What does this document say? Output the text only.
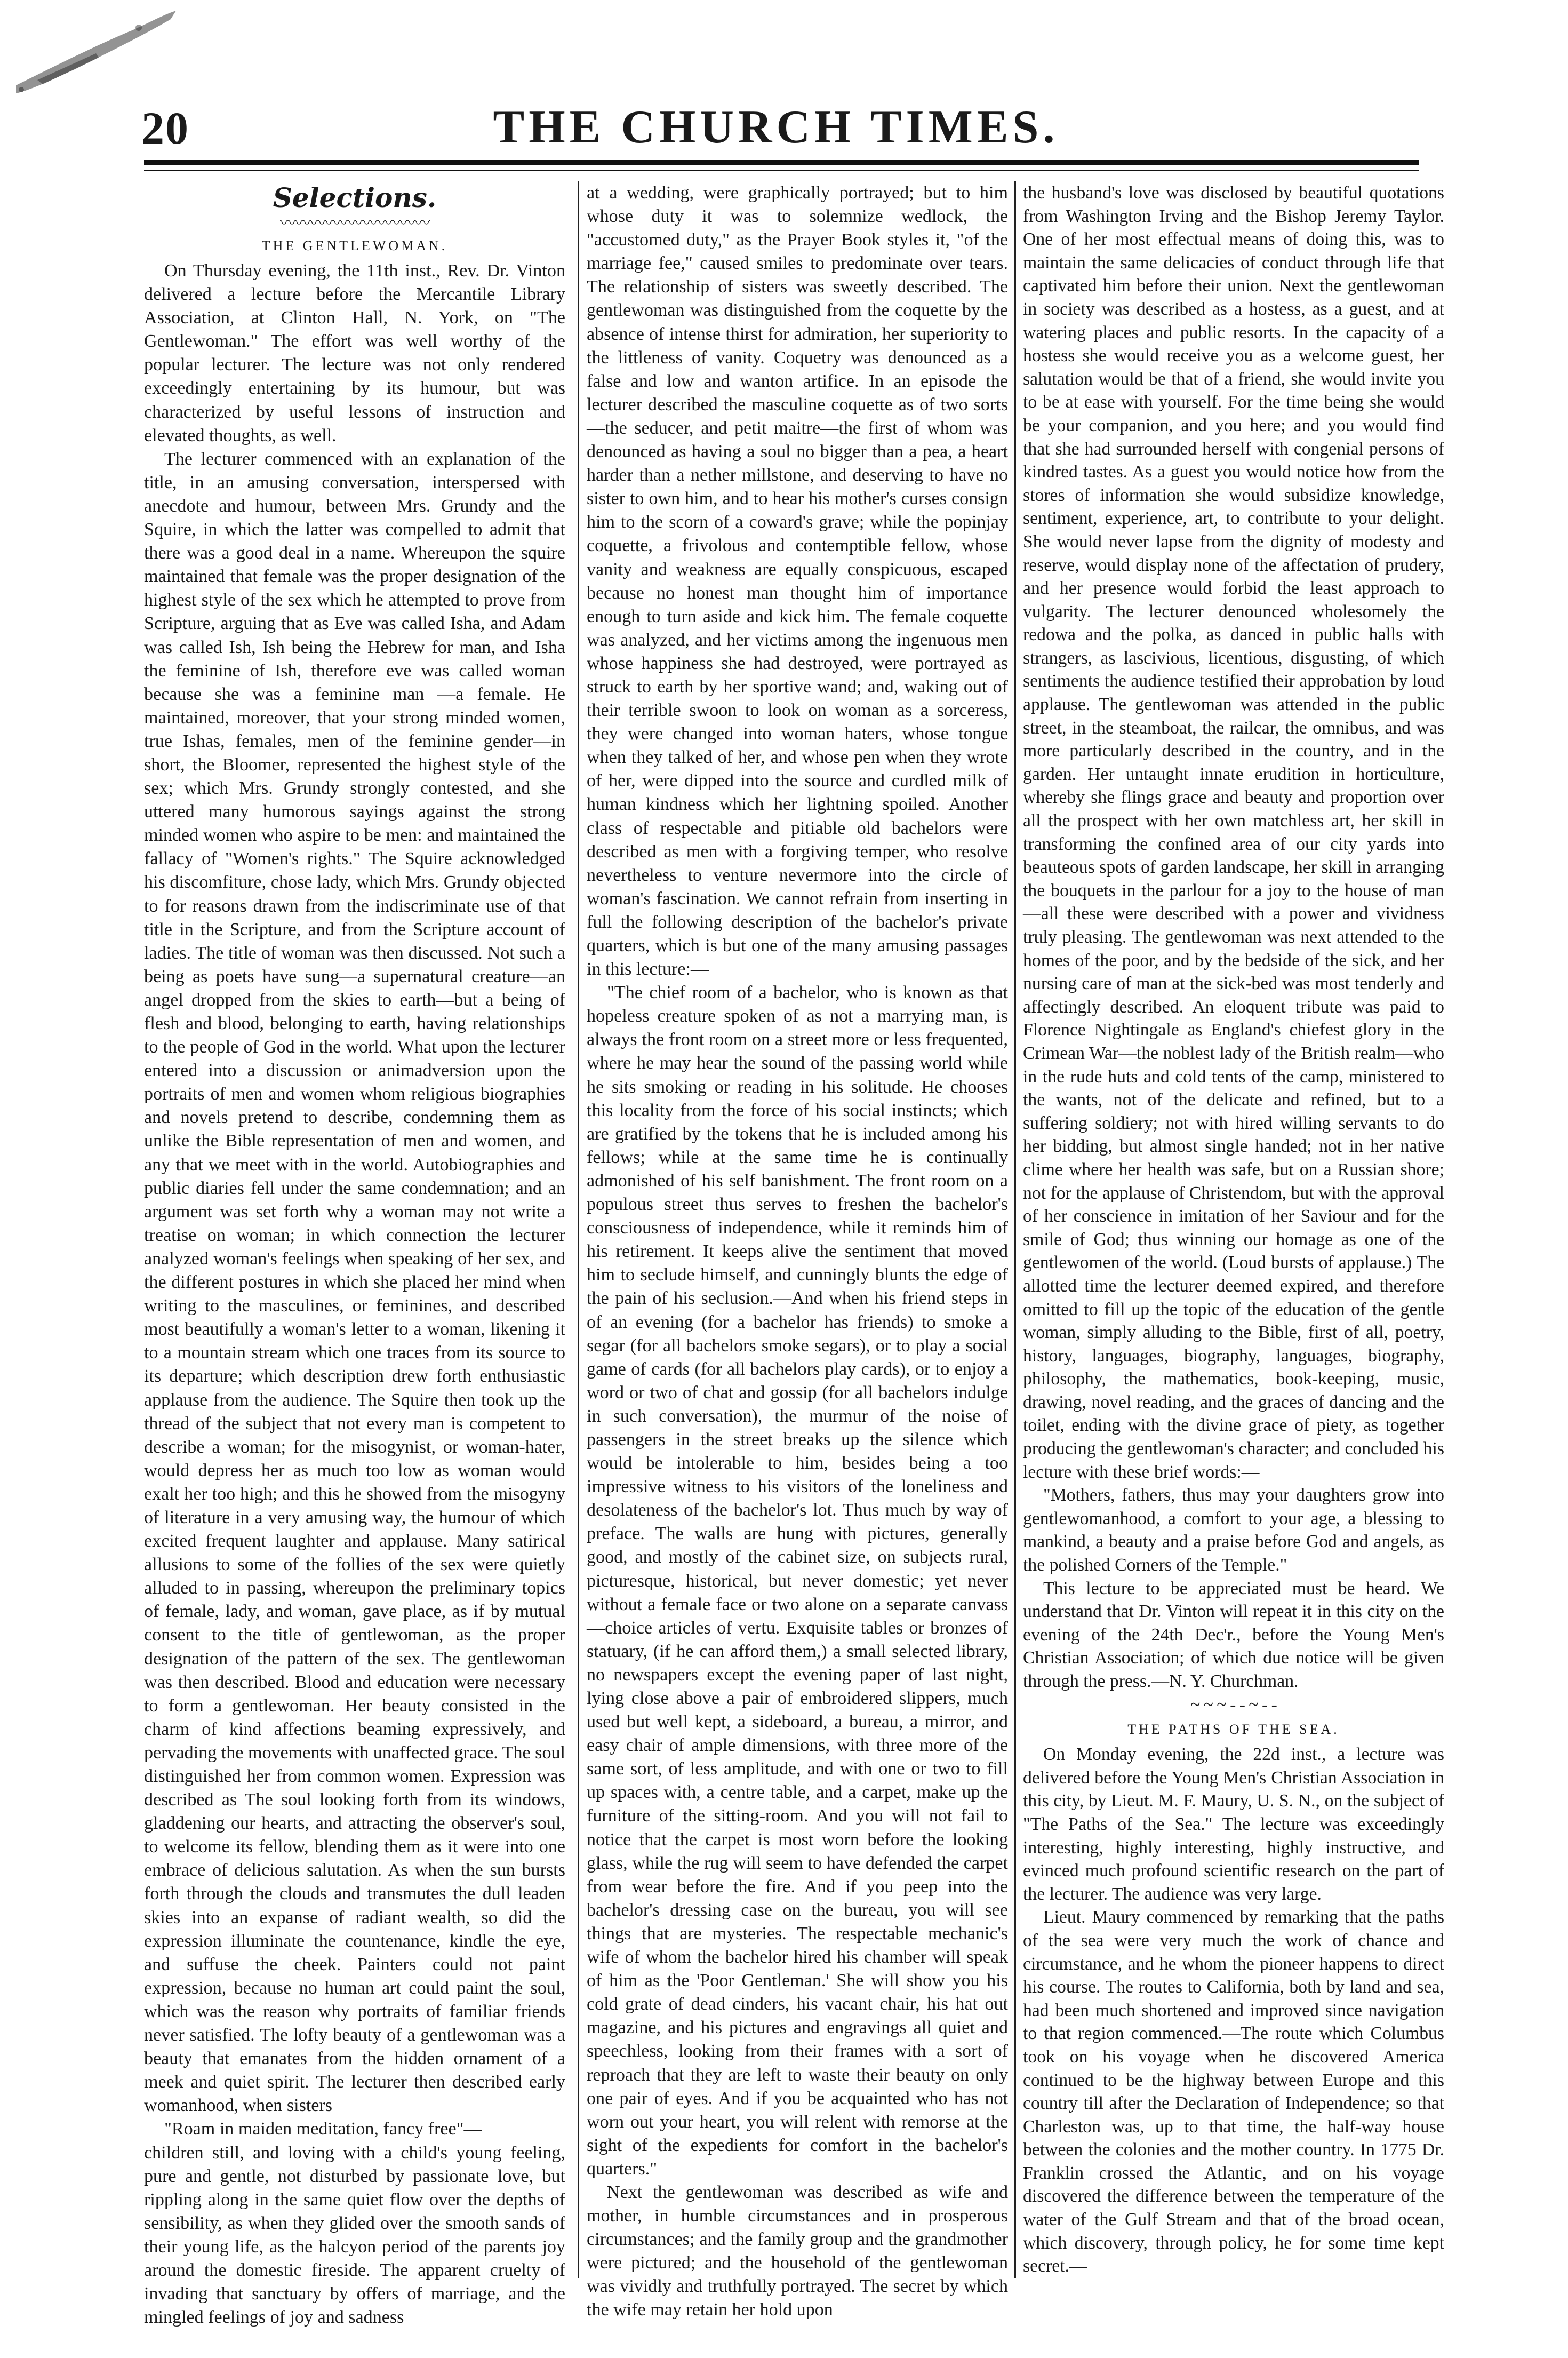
20	THE CHURCH TIMES.

Selections.

〰〰〰〰〰〰〰〰〰〰

THE GENTLEWOMAN.

On Thursday evening, the 11th inst., Rev. Dr. Vinton delivered a lecture before the Mercantile Library Association, at Clinton Hall, N. York, on "The Gentlewoman." The effort was well worthy of the popular lecturer. The lecture was not only rendered exceedingly entertaining by its humour, but was characterized by useful lessons of instruction and elevated thoughts, as well.

The lecturer commenced with an explanation of the title, in an amusing conversation, interspersed with anecdote and humour, between Mrs. Grundy and the Squire, in which the latter was compelled to admit that there was a good deal in a name. Whereupon the squire maintained that female was the proper designation of the highest style of the sex which he attempted to prove from Scripture, arguing that as Eve was called Isha, and Adam was called Ish, Ish being the Hebrew for man, and Isha the feminine of Ish, therefore eve was called woman because she was a feminine man —a female. He maintained, moreover, that your strong minded women, true Ishas, females, men of the feminine gender—in short, the Bloomer, represented the highest style of the sex; which Mrs. Grundy strongly contested, and she uttered many humorous sayings against the strong minded women who aspire to be men: and maintained the fallacy of "Women's rights." The Squire acknowledged his discomfiture, chose lady, which Mrs. Grundy objected to for reasons drawn from the indiscriminate use of that title in the Scripture, and from the Scripture account of ladies. The title of woman was then discussed. Not such a being as poets have sung—a supernatural creature—an angel dropped from the skies to earth—but a being of flesh and blood, belonging to earth, having relationships to the people of God in the world. What upon the lecturer entered into a discussion or animadversion upon the portraits of men and women whom religious biographies and novels pretend to describe, condemning them as unlike the Bible representation of men and women, and any that we meet with in the world. Autobiographies and public diaries fell under the same condemnation; and an argument was set forth why a woman may not write a treatise on woman; in which connection the lecturer analyzed woman's feelings when speaking of her sex, and the different postures in which she placed her mind when writing to the masculines, or feminines, and described most beautifully a woman's letter to a woman, likening it to a mountain stream which one traces from its source to its departure; which description drew forth enthusiastic applause from the audience. The Squire then took up the thread of the subject that not every man is competent to describe a woman; for the misogynist, or woman-hater, would depress her as much too low as woman would exalt her too high; and this he showed from the misogyny of literature in a very amusing way, the humour of which excited frequent laughter and applause. Many satirical allusions to some of the follies of the sex were quietly alluded to in passing, whereupon the preliminary topics of female, lady, and woman, gave place, as if by mutual consent to the title of gentlewoman, as the proper designation of the pattern of the sex. The gentlewoman was then described. Blood and education were necessary to form a gentlewoman. Her beauty consisted in the charm of kind affections beaming expressively, and pervading the movements with unaffected grace. The soul distinguished her from common women. Expression was described as The soul looking forth from its windows, gladdening our hearts, and attracting the observer's soul, to welcome its fellow, blending them as it were into one embrace of delicious salutation. As when the sun bursts forth through the clouds and transmutes the dull leaden skies into an expanse of radiant wealth, so did the expression illuminate the countenance, kindle the eye, and suffuse the cheek. Painters could not paint expression, because no human art could paint the soul, which was the reason why portraits of familiar friends never satisfied. The lofty beauty of a gentlewoman was a beauty that emanates from the hidden ornament of a meek and quiet spirit. The lecturer then described early womanhood, when sisters

"Roam in maiden meditation, fancy free"—

children still, and loving with a child's young feeling, pure and gentle, not disturbed by passionate love, but rippling along in the same quiet flow over the depths of sensibility, as when they glided over the smooth sands of their young life, as the halcyon period of the parents joy around the domestic fireside. The apparent cruelty of invading that sanctuary by offers of marriage, and the mingled feelings of joy and sadness

at a wedding, were graphically portrayed; but to him whose duty it was to solemnize wedlock, the "accustomed duty," as the Prayer Book styles it, "of the marriage fee," caused smiles to predominate over tears. The relationship of sisters was sweetly described. The gentlewoman was distinguished from the coquette by the absence of intense thirst for admiration, her superiority to the littleness of vanity. Coquetry was denounced as a false and low and wanton artifice. In an episode the lecturer described the masculine coquette as of two sorts—the seducer, and petit maitre—the first of whom was denounced as having a soul no bigger than a pea, a heart harder than a nether millstone, and deserving to have no sister to own him, and to hear his mother's curses consign him to the scorn of a coward's grave; while the popinjay coquette, a frivolous and contemptible fellow, whose vanity and weakness are equally conspicuous, escaped because no honest man thought him of importance enough to turn aside and kick him. The female coquette was analyzed, and her victims among the ingenuous men whose happiness she had destroyed, were portrayed as struck to earth by her sportive wand; and, waking out of their terrible swoon to look on woman as a sorceress, they were changed into woman haters, whose tongue when they talked of her, and whose pen when they wrote of her, were dipped into the source and curdled milk of human kindness which her lightning spoiled. Another class of respectable and pitiable old bachelors were described as men with a forgiving temper, who resolve nevertheless to venture nevermore into the circle of woman's fascination. We cannot refrain from inserting in full the following description of the bachelor's private quarters, which is but one of the many amusing passages in this lecture:—

"The chief room of a bachelor, who is known as that hopeless creature spoken of as not a marrying man, is always the front room on a street more or less frequented, where he may hear the sound of the passing world while he sits smoking or reading in his solitude. He chooses this locality from the force of his social instincts; which are gratified by the tokens that he is included among his fellows; while at the same time he is continually admonished of his self banishment. The front room on a populous street thus serves to freshen the bachelor's consciousness of independence, while it reminds him of his retirement. It keeps alive the sentiment that moved him to seclude himself, and cunningly blunts the edge of the pain of his seclusion.—And when his friend steps in of an evening (for a bachelor has friends) to smoke a segar (for all bachelors smoke segars), or to play a social game of cards (for all bachelors play cards), or to enjoy a word or two of chat and gossip (for all bachelors indulge in such conversation), the murmur of the noise of passengers in the street breaks up the silence which would be intolerable to him, besides being a too impressive witness to his visitors of the loneliness and desolateness of the bachelor's lot. Thus much by way of preface. The walls are hung with pictures, generally good, and mostly of the cabinet size, on subjects rural, picturesque, historical, but never domestic; yet never without a female face or two alone on a separate canvass—choice articles of vertu. Exquisite tables or bronzes of statuary, (if he can afford them,) a small selected library, no newspapers except the evening paper of last night, lying close above a pair of embroidered slippers, much used but well kept, a sideboard, a bureau, a mirror, and easy chair of ample dimensions, with three more of the same sort, of less amplitude, and with one or two to fill up spaces with, a centre table, and a carpet, make up the furniture of the sitting-room. And you will not fail to notice that the carpet is most worn before the looking glass, while the rug will seem to have defended the carpet from wear before the fire. And if you peep into the bachelor's dressing case on the bureau, you will see things that are mysteries. The respectable mechanic's wife of whom the bachelor hired his chamber will speak of him as the 'Poor Gentleman.' She will show you his cold grate of dead cinders, his vacant chair, his hat out magazine, and his pictures and engravings all quiet and speechless, looking from their frames with a sort of reproach that they are left to waste their beauty on only one pair of eyes. And if you be acquainted who has not worn out your heart, you will relent with remorse at the sight of the expedients for comfort in the bachelor's quarters."

Next the gentlewoman was described as wife and mother, in humble circumstances and in prosperous circumstances; and the family group and the grandmother were pictured; and the household of the gentlewoman was vividly and truthfully portrayed. The secret by which the wife may retain her hold upon

the husband's love was disclosed by beautiful quotations from Washington Irving and the Bishop Jeremy Taylor. One of her most effectual means of doing this, was to maintain the same delicacies of conduct through life that captivated him before their union. Next the gentlewoman in society was described as a hostess, as a guest, and at watering places and public resorts. In the capacity of a hostess she would receive you as a welcome guest, her salutation would be that of a friend, she would invite you to be at ease with yourself. For the time being she would be your companion, and you here; and you would find that she had surrounded herself with congenial persons of kindred tastes. As a guest you would notice how from the stores of information she would subsidize knowledge, sentiment, experience, art, to contribute to your delight. She would never lapse from the dignity of modesty and reserve, would display none of the affectation of prudery, and her presence would forbid the least approach to vulgarity. The lecturer denounced wholesomely the redowa and the polka, as danced in public halls with strangers, as lascivious, licentious, disgusting, of which sentiments the audience testified their approbation by loud applause. The gentlewoman was attended in the public street, in the steamboat, the railcar, the omnibus, and was more particularly described in the country, and in the garden. Her untaught innate erudition in horticulture, whereby she flings grace and beauty and proportion over all the prospect with her own matchless art, her skill in transforming the confined area of our city yards into beauteous spots of garden landscape, her skill in arranging the bouquets in the parlour for a joy to the house of man—all these were described with a power and vividness truly pleasing. The gentlewoman was next attended to the homes of the poor, and by the bedside of the sick, and her nursing care of man at the sick-bed was most tenderly and affectingly described. An eloquent tribute was paid to Florence Nightingale as England's chiefest glory in the Crimean War—the noblest lady of the British realm—who in the rude huts and cold tents of the camp, ministered to the wants, not of the delicate and refined, but to a suffering soldiery; not with hired willing servants to do her bidding, but almost single handed; not in her native clime where her health was safe, but on a Russian shore; not for the applause of Christendom, but with the approval of her conscience in imitation of her Saviour and for the smile of God; thus winning our homage as one of the gentlewomen of the world. (Loud bursts of applause.) The allotted time the lecturer deemed expired, and therefore omitted to fill up the topic of the education of the gentle woman, simply alluding to the Bible, first of all, poetry, history, languages, biography, languages, biography, philosophy, the mathematics, book-keeping, music, drawing, novel reading, and the graces of dancing and the toilet, ending with the divine grace of piety, as together producing the gentlewoman's character; and concluded his lecture with these brief words:—

"Mothers, fathers, thus may your daughters grow into gentlewomanhood, a comfort to your age, a blessing to mankind, a beauty and a praise before God and angels, as the polished Corners of the Temple."

This lecture to be appreciated must be heard. We understand that Dr. Vinton will repeat it in this city on the evening of the 24th Dec'r., before the Young Men's Christian Association; of which due notice will be given through the press.—N. Y. Churchman.

~ ~ ~ - - ~ - -

THE PATHS OF THE SEA.

On Monday evening, the 22d inst., a lecture was delivered before the Young Men's Christian Association in this city, by Lieut. M. F. Maury, U. S. N., on the subject of "The Paths of the Sea." The lecture was exceedingly interesting, highly interesting, highly instructive, and evinced much profound scientific research on the part of the lecturer. The audience was very large.

Lieut. Maury commenced by remarking that the paths of the sea were very much the work of chance and circumstance, and he whom the pioneer happens to direct his course. The routes to California, both by land and sea, had been much shortened and improved since navigation to that region commenced.—The route which Columbus took on his voyage when he discovered America continued to be the highway between Europe and this country till after the Declaration of Independence; so that Charleston was, up to that time, the half-way house between the colonies and the mother country. In 1775 Dr. Franklin crossed the Atlantic, and on his voyage discovered the difference between the temperature of the water of the Gulf Stream and that of the broad ocean, which discovery, through policy, he for some time kept secret.—
